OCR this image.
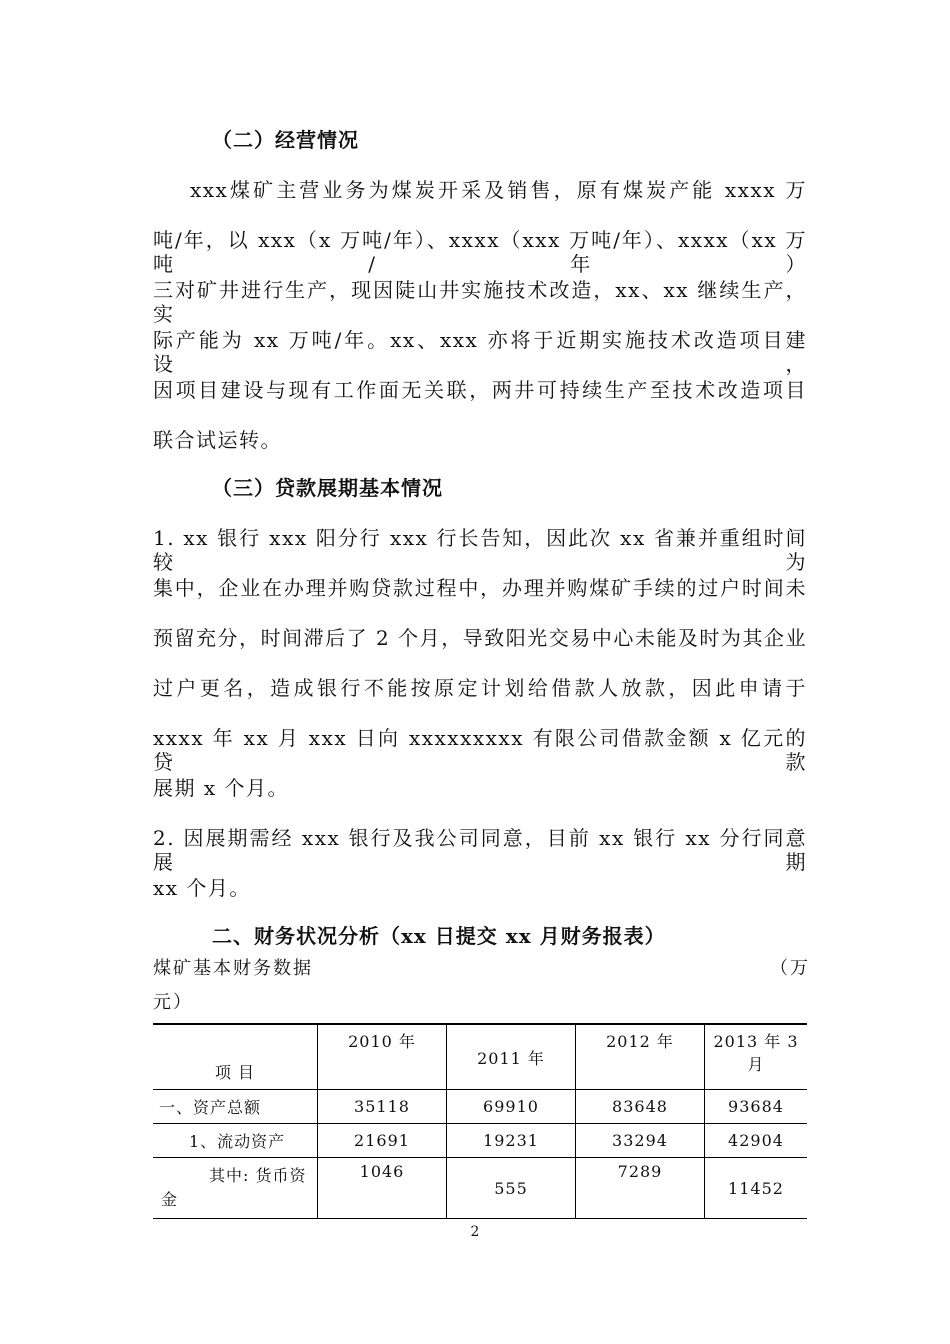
（二）经营情况
xxx煤矿主营业务为煤炭开采及销售，原有煤炭产能 xxxx 万
吨/年，以 xxx（x 万吨/年）、xxxx（xxx 万吨/年）、xxxx（xx 万吨/年）
三对矿井进行生产，现因陡山井实施技术改造，xx、xx 继续生产，实
际产能为 xx 万吨/年。xx、xxx 亦将于近期实施技术改造项目建设，
因项目建设与现有工作面无关联，两井可持续生产至技术改造项目
联合试运转。
（三）贷款展期基本情况
1. xx 银行 xxx 阳分行 xxx 行长告知，因此次 xx 省兼并重组时间较为
集中，企业在办理并购贷款过程中，办理并购煤矿手续的过户时间未
预留充分，时间滞后了 2 个月，导致阳光交易中心未能及时为其企业
过户更名，造成银行不能按原定计划给借款人放款，因此申请于
xxxx 年 xx 月 xxx 日向 xxxxxxxxx 有限公司借款金额 x 亿元的贷款
展期 x 个月。
2. 因展期需经 xxx 银行及我公司同意，目前 xx 银行 xx 分行同意展期
xx 个月。
二、财务状况分析（xx 日提交 xx 月财务报表）
煤矿基本财务数据	（万
元）
项 目	2010 年	2011 年	2012 年	2013 年 3 月
一、资产总额	35118	69910	83648	93684
1、流动资产	21691	19231	33294	42904
其中: 货币资金	1046	555	7289	11452
2
